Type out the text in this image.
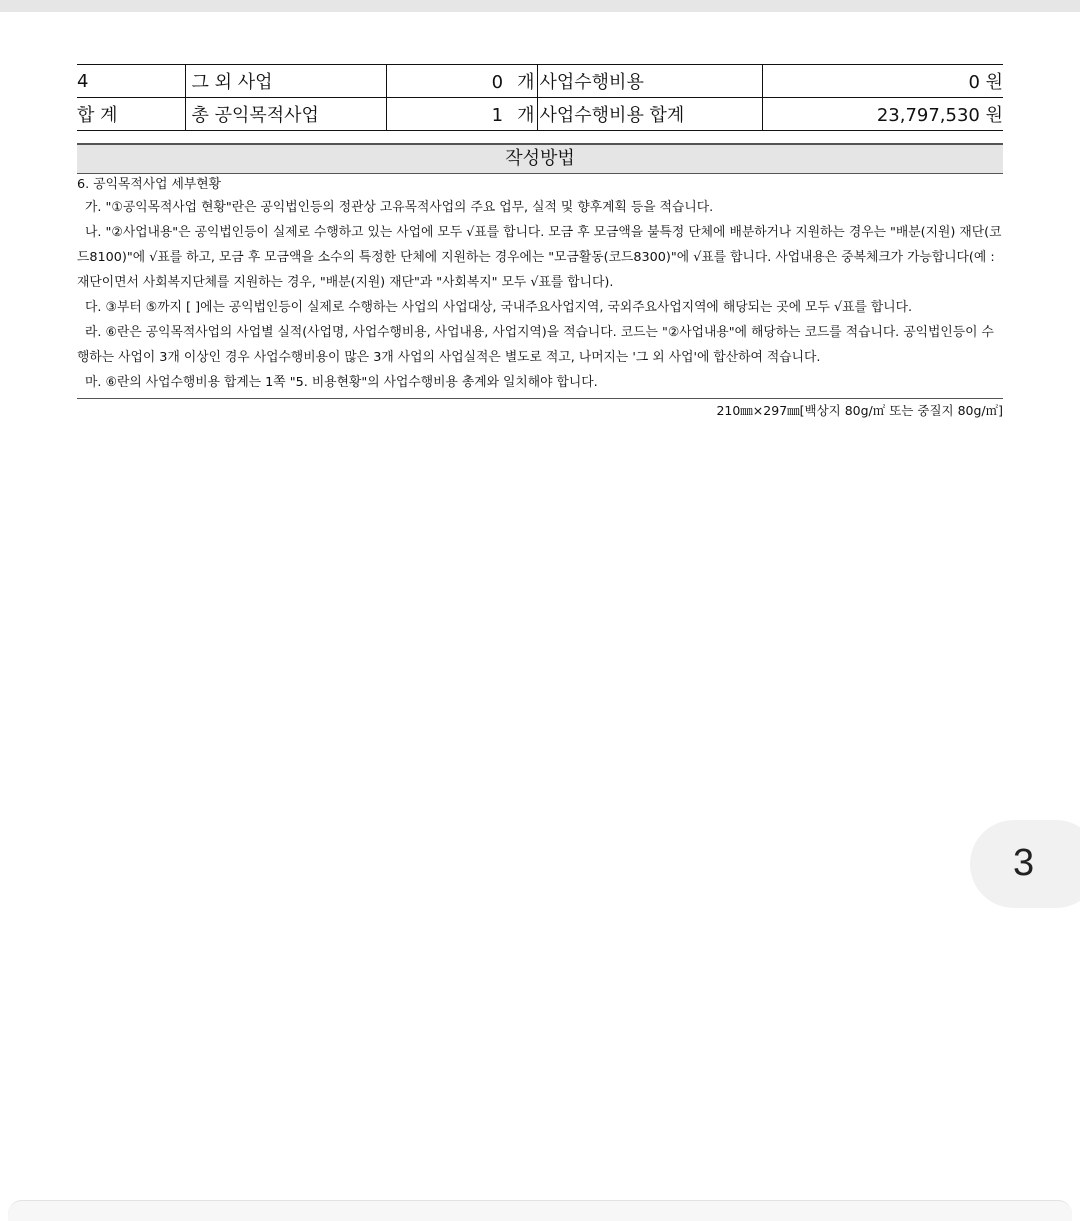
4	그 외 사업	0 개	사업수행비용	0 원
합 계	총 공익목적사업	1 개	사업수행비용 합계	23,797,530 원
작성방법

6. 공익목적사업 세부현황

가. "①공익목적사업 현황"란은 공익법인등의 정관상 고유목적사업의 주요 업무, 실적 및 향후계획 등을 적습니다.

나. "②사업내용"은 공익법인등이 실제로 수행하고 있는 사업에 모두 √표를 합니다. 모금 후 모금액을 불특정 단체에 배분하거나 지원하는 경우는 "배분(지원) 재단(코드8100)"에 √표를 하고, 모금 후 모금액을 소수의 특정한 단체에 지원하는 경우에는 "모금활동(코드8300)"에 √표를 합니다. 사업내용은 중복체크가 가능합니다(예 : 재단이면서 사회복지단체를 지원하는 경우, "배분(지원) 재단"과 "사회복지" 모두 √표를 합니다).

다. ③부터 ⑤까지 [ ]에는 공익법인등이 실제로 수행하는 사업의 사업대상, 국내주요사업지역, 국외주요사업지역에 해당되는 곳에 모두 √표를 합니다.

라. ⑥란은 공익목적사업의 사업별 실적(사업명, 사업수행비용, 사업내용, 사업지역)을 적습니다. 코드는 "②사업내용"에 해당하는 코드를 적습니다. 공익법인등이 수행하는 사업이 3개 이상인 경우 사업수행비용이 많은 3개 사업의 사업실적은 별도로 적고, 나머지는 '그 외 사업'에 합산하여 적습니다.

마. ⑥란의 사업수행비용 합계는 1쪽 "5. 비용현황"의 사업수행비용 총계와 일치해야 합니다.

210㎜×297㎜[백상지 80g/㎡ 또는 중질지 80g/㎡]
3
